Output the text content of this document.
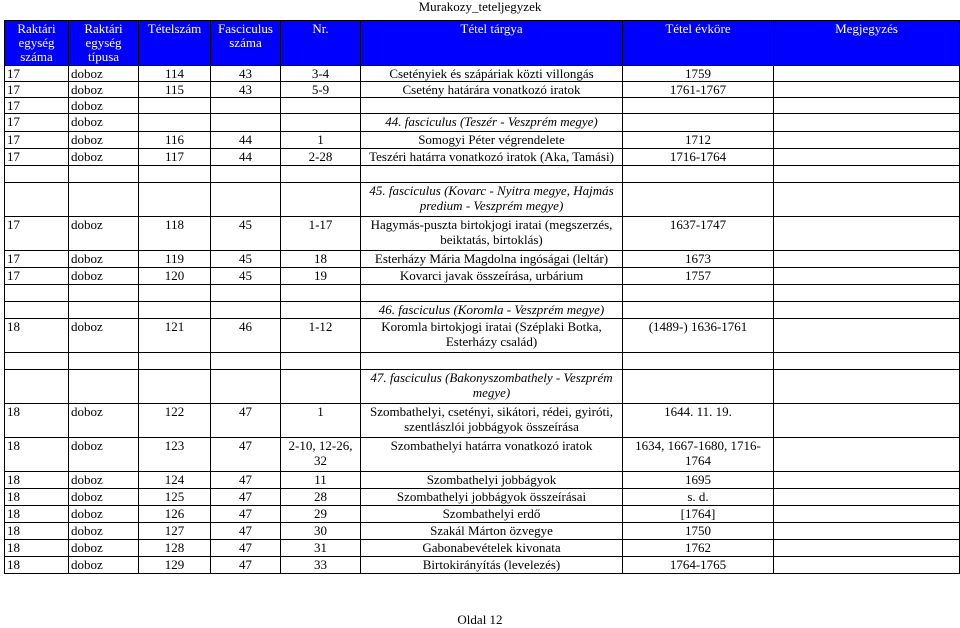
Murakozy_teteljegyzek
Raktári egység száma	Raktári egység típusa	Tételszám	Fasciculus száma	Nr.	Tétel tárgya	Tétel évköre	Megjegyzés
17	doboz	114	43	3-4	Csetényiek és szápáriak közti villongás	1759	
17	doboz	115	43	5-9	Csetény határára vonatkozó iratok	1761-1767	
17	doboz						
17	doboz				44. fasciculus (Teszér - Veszprém megye)		
17	doboz	116	44	1	Somogyi Péter végrendelete	1712	
17	doboz	117	44	2-28	Teszéri határra vonatkozó iratok (Aka, Tamási)	1716-1764	

					45. fasciculus (Kovarc - Nyitra megye, Hajmás predium - Veszprém megye)		
17	doboz	118	45	1-17	Hagymás-puszta birtokjogi iratai (megszerzés, beiktatás, birtoklás)	1637-1747	
17	doboz	119	45	18	Esterházy Mária Magdolna ingóságai (leltár)	1673	
17	doboz	120	45	19	Kovarci javak összeírása, urbárium	1757	

					46. fasciculus (Koromla - Veszprém megye)		
18	doboz	121	46	1-12	Koromla birtokjogi iratai (Széplaki Botka, Esterházy család)	(1489-) 1636-1761	

					47. fasciculus (Bakonyszombathely - Veszprém megye)		
18	doboz	122	47	1	Szombathelyi, csetényi, sikátori, rédei, gyiróti, szentlászlói jobbágyok összeírása	1644. 11. 19.	
18	doboz	123	47	2-10, 12-26, 32	Szombathelyi határra vonatkozó iratok	1634, 1667-1680, 1716-1764	
18	doboz	124	47	11	Szombathelyi jobbágyok	1695	
18	doboz	125	47	28	Szombathelyi jobbágyok összeírásai	s. d.	
18	doboz	126	47	29	Szombathelyi erdő	[1764]	
18	doboz	127	47	30	Szakál Márton özvegye	1750	
18	doboz	128	47	31	Gabonabevételek kivonata	1762	
18	doboz	129	47	33	Birtokirányítás (levelezés)	1764-1765	
Oldal 12
